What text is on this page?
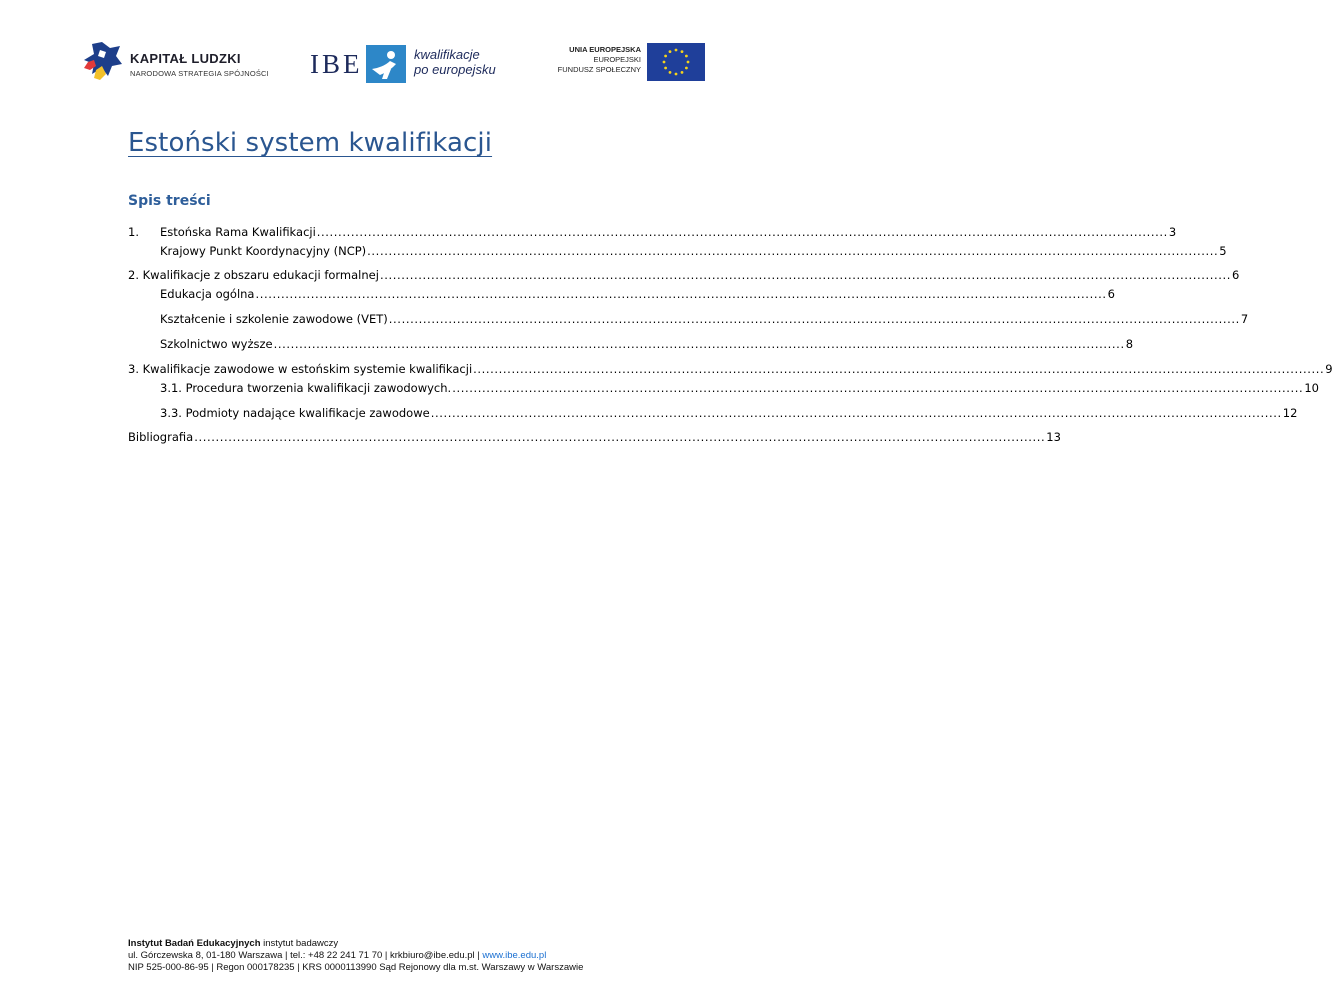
KAPITAŁ LUDZKI
NARODOWA STRATEGIA SPÓJNOŚCI IBE	kwalifikacje
po europejsku
UNIA EUROPEJSKA
EUROPEJSKI
FUNDUSZ SPOŁECZNY
Estoński system kwalifikacji
Spis treści
1. Estońska Rama Kwalifikacji ........................................................................................................................................................................................................ 3
Krajowy Punkt Koordynacyjny (NCP) ........................................................................................................................................................................................................ 5
2. Kwalifikacje z obszaru edukacji formalnej ........................................................................................................................................................................................................ 6
Edukacja ogólna ........................................................................................................................................................................................................ 6
Kształcenie i szkolenie zawodowe (VET) ........................................................................................................................................................................................................ 7
Szkolnictwo wyższe ........................................................................................................................................................................................................ 8
3. Kwalifikacje zawodowe w estońskim systemie kwalifikacji ........................................................................................................................................................................................................ 9
3.1. Procedura tworzenia kwalifikacji zawodowych. ........................................................................................................................................................................................................ 10
3.3. Podmioty nadające kwalifikacje zawodowe ........................................................................................................................................................................................................ 12
Bibliografia ........................................................................................................................................................................................................ 13
Instytut Badań Edukacyjnych instytut badawczy
ul. Górczewska 8, 01-180 Warszawa | tel.: +48 22 241 71 70 | krkbiuro@ibe.edu.pl | www.ibe.edu.pl
NIP 525-000-86-95 | Regon 000178235 | KRS 0000113990 Sąd Rejonowy dla m.st. Warszawy w Warszawie
